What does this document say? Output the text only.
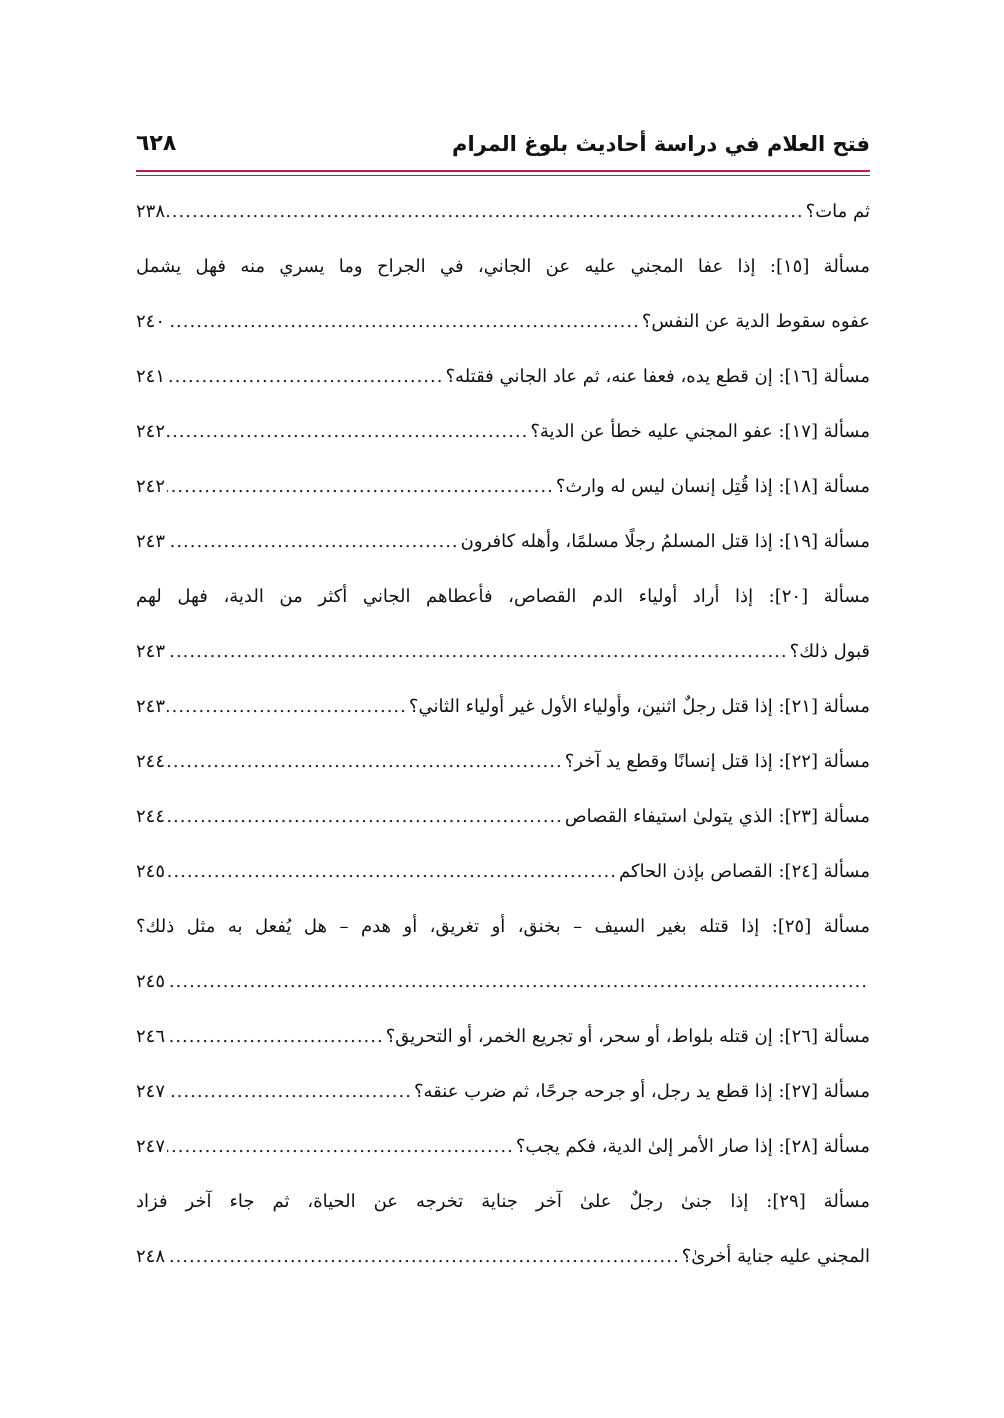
فتح العلام في دراسة أحاديث بلوغ المرام
٦٢٨
ثم مات؟
.....
٢٣٨
مسألة [١٥]: إذا عفا المجني عليه عن الجاني، في الجراح وما يسري منه فهل يشمل
عفوه سقوط الدية عن النفس؟
.....
٢٤٠
مسألة [١٦]: إن قطع يده، فعفا عنه، ثم عاد الجاني فقتله؟
.....
٢٤١
مسألة [١٧]: عفو المجني عليه خطأ عن الدية؟
.....
٢٤٢
مسألة [١٨]: إذا قُتِل إنسان ليس له وارث؟
.....
٢٤٢
مسألة [١٩]: إذا قتل المسلمُ رجلًا مسلمًا، وأهله كافرون
.....
٢٤٣
مسألة [٢٠]: إذا أراد أولياء الدم القصاص، فأعطاهم الجاني أكثر من الدية، فهل لهم
قبول ذلك؟
.....
٢٤٣
مسألة [٢١]: إذا قتل رجلٌ اثنين، وأولياء الأول غير أولياء الثاني؟
.....
٢٤٣
مسألة [٢٢]: إذا قتل إنسانًا وقطع يد آخر؟
.....
٢٤٤
مسألة [٢٣]: الذي يتولىٰ استيفاء القصاص
.....
٢٤٤
مسألة [٢٤]: القصاص بإذن الحاكم
.....
٢٤٥
مسألة [٢٥]: إذا قتله بغير السيف – بخنق، أو تغريق، أو هدم – هل يُفعل به مثل ذلك؟
.....
٢٤٥
مسألة [٢٦]: إن قتله بلواط، أو سحر، أو تجريع الخمر، أو التحريق؟
.....
٢٤٦
مسألة [٢٧]: إذا قطع يد رجل، أو جرحه جرحًا، ثم ضرب عنقه؟
.....
٢٤٧
مسألة [٢٨]: إذا صار الأمر إلىٰ الدية، فكم يجب؟
.....
٢٤٧
مسألة [٢٩]: إذا جنىٰ رجلٌ علىٰ آخر جناية تخرجه عن الحياة، ثم جاء آخر فزاد
المجني عليه جناية أخرىٰ؟
.....
٢٤٨
